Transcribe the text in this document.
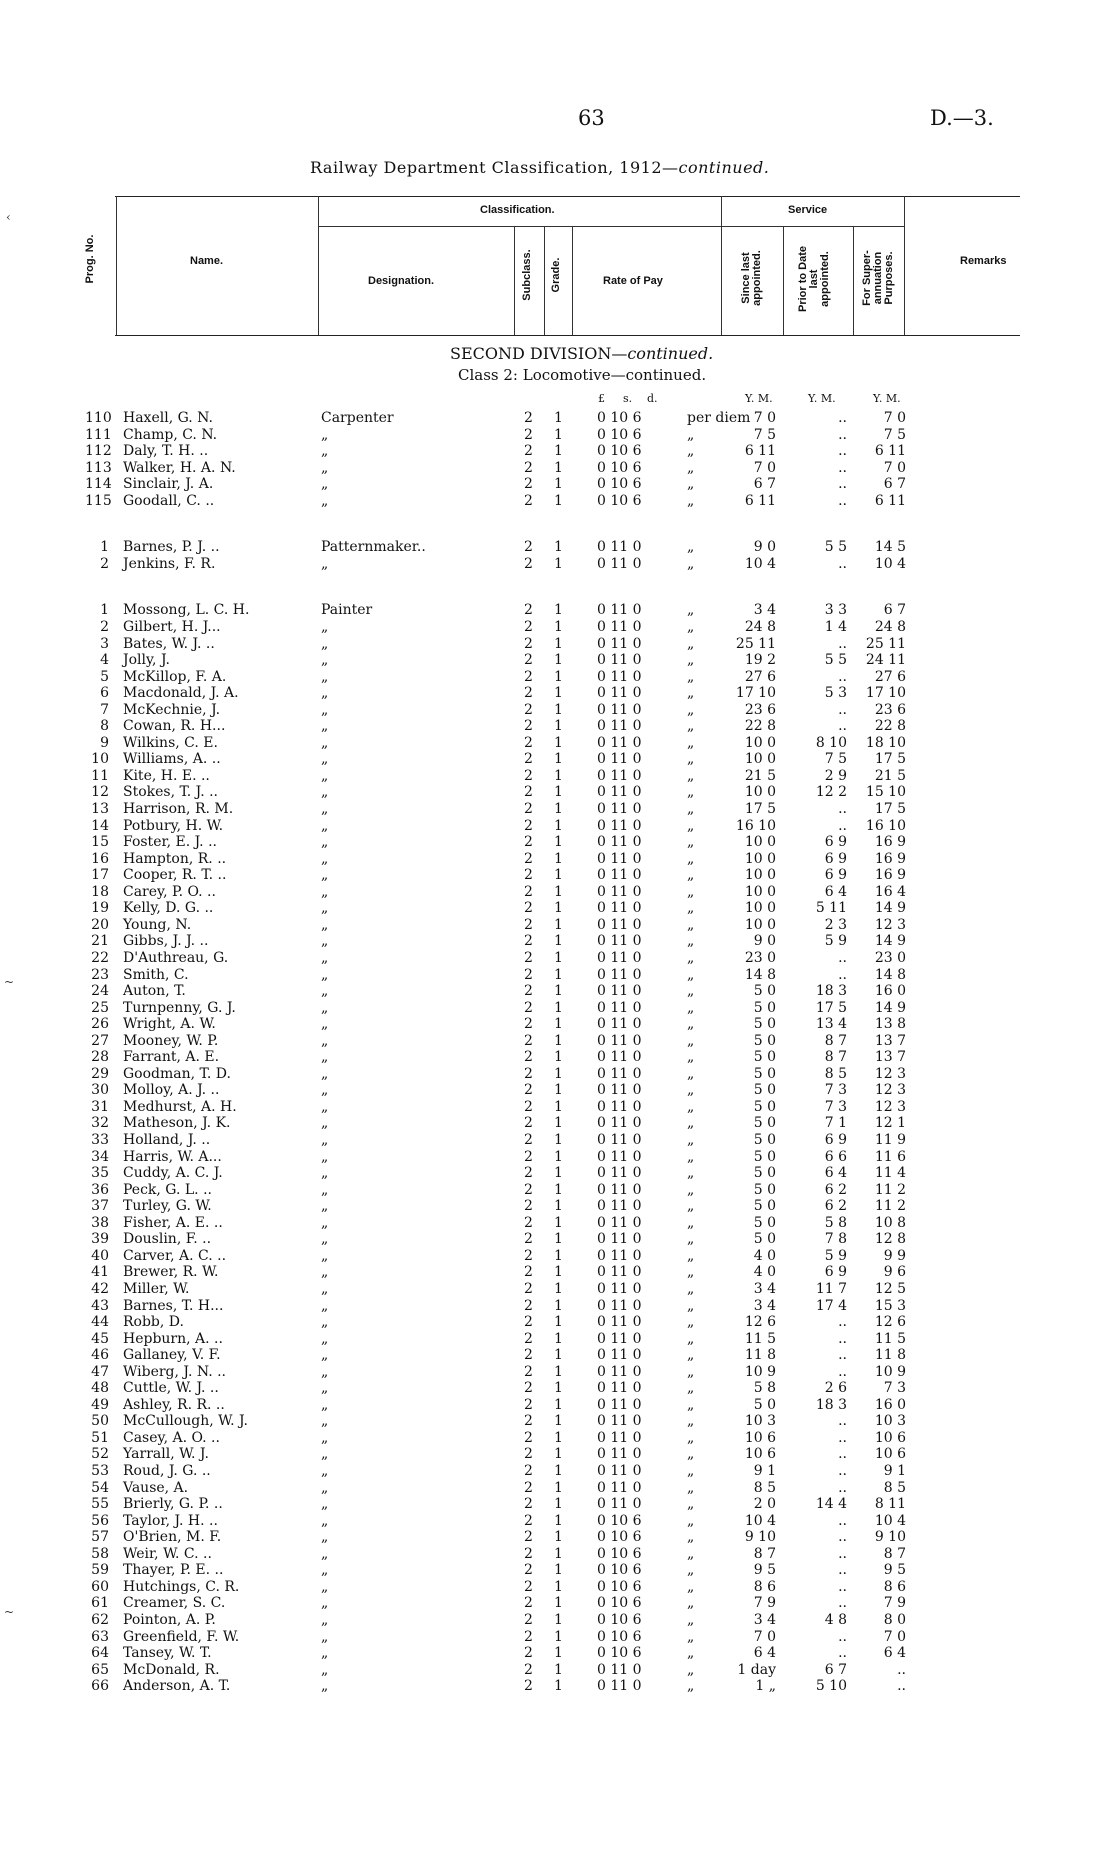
63	D.—3.
Railway Department Classification, 1912—continued.
Prog. No.	Name.
Classification.	Service
Designation.	Subclass. Grade.	Rate of Pay	Since last
appointed.	Prior to Date
last
appointed.	For Super-
annuation
Purposes.	Remarks
SECOND DIVISION—continued.
Class 2: Locomotive—continued.
£ s. d.	Y. M.	Y. M.	Y. M.
110 Haxell, G. N.	Carpenter	2 1 0 10 6	per diem 7 0	..	7 0
111 Champ, C. N.	„	2 1 0 10 6	„	7 5	..	7 5
112 Daly, T. H. ..	„	2 1 0 10 6	„	6 11	..	6 11
113 Walker, H. A. N.	„	2 1 0 10 6	„	7 0	..	7 0
114 Sinclair, J. A.	„	2 1 0 10 6	„	6 7	..	6 7
115 Goodall, C. ..	„	2 1 0 10 6	„	6 11	..	6 11
1 Barnes, P. J. ..	Patternmaker..	2 1 0 11 0	„	9 0	5 5	14 5
2 Jenkins, F. R.	„	2 1 0 11 0	„	10 4	..	10 4
1 Mossong, L. C. H.	Painter	2 1 0 11 0	„	3 4	3 3	6 7
2 Gilbert, H. J...	„	2 1 0 11 0	„	24 8	1 4	24 8
3 Bates, W. J. ..	„	2 1 0 11 0	„	25 11	..	25 11
4 Jolly, J.	„	2 1 0 11 0	„	19 2	5 5	24 11
5 McKillop, F. A.	„	2 1 0 11 0	„	27 6	..	27 6
6 Macdonald, J. A.	„	2 1 0 11 0	„	17 10	5 3	17 10
7 McKechnie, J.	„	2 1 0 11 0	„	23 6	..	23 6
8 Cowan, R. H...	„	2 1 0 11 0	„	22 8	..	22 8
9 Wilkins, C. E.	„	2 1 0 11 0	„	10 0	8 10	18 10
10 Williams, A. ..	„	2 1 0 11 0	„	10 0	7 5	17 5
11 Kite, H. E. ..	„	2 1 0 11 0	„	21 5	2 9	21 5
12 Stokes, T. J. ..	„	2 1 0 11 0	„	10 0	12 2	15 10
13 Harrison, R. M.	„	2 1 0 11 0	„	17 5	..	17 5
14 Potbury, H. W.	„	2 1 0 11 0	„	16 10	..	16 10
15 Foster, E. J. ..	„	2 1 0 11 0	„	10 0	6 9	16 9
16 Hampton, R. ..	„	2 1 0 11 0	„	10 0	6 9	16 9
17 Cooper, R. T. ..	„	2 1 0 11 0	„	10 0	6 9	16 9
18 Carey, P. O. ..	„	2 1 0 11 0	„	10 0	6 4	16 4
19 Kelly, D. G. ..	„	2 1 0 11 0	„	10 0	5 11	14 9
20 Young, N.	„	2 1 0 11 0	„	10 0	2 3	12 3
21 Gibbs, J. J. ..	„	2 1 0 11 0	„	9 0	5 9	14 9
22 D'Authreau, G.	„	2 1 0 11 0	„	23 0	..	23 0
23 Smith, C.	„	2 1 0 11 0	„	14 8	..	14 8
24 Auton, T.	„	2 1 0 11 0	„	5 0	18 3	16 0
25 Turnpenny, G. J.	„	2 1 0 11 0	„	5 0	17 5	14 9
26 Wright, A. W.	„	2 1 0 11 0	„	5 0	13 4	13 8
27 Mooney, W. P.	„	2 1 0 11 0	„	5 0	8 7	13 7
28 Farrant, A. E.	„	2 1 0 11 0	„	5 0	8 7	13 7
29 Goodman, T. D.	„	2 1 0 11 0	„	5 0	8 5	12 3
30 Molloy, A. J. ..	„	2 1 0 11 0	„	5 0	7 3	12 3
31 Medhurst, A. H.	„	2 1 0 11 0	„	5 0	7 3	12 3
32 Matheson, J. K.	„	2 1 0 11 0	„	5 0	7 1	12 1
33 Holland, J. ..	„	2 1 0 11 0	„	5 0	6 9	11 9
34 Harris, W. A...	„	2 1 0 11 0	„	5 0	6 6	11 6
35 Cuddy, A. C. J.	„	2 1 0 11 0	„	5 0	6 4	11 4
36 Peck, G. L. ..	„	2 1 0 11 0	„	5 0	6 2	11 2
37 Turley, G. W.	„	2 1 0 11 0	„	5 0	6 2	11 2
38 Fisher, A. E. ..	„	2 1 0 11 0	„	5 0	5 8	10 8
39 Douslin, F. ..	„	2 1 0 11 0	„	5 0	7 8	12 8
40 Carver, A. C. ..	„	2 1 0 11 0	„	4 0	5 9	9 9
41 Brewer, R. W.	„	2 1 0 11 0	„	4 0	6 9	9 6
42 Miller, W.	„	2 1 0 11 0	„	3 4	11 7	12 5
43 Barnes, T. H...	„	2 1 0 11 0	„	3 4	17 4	15 3
44 Robb, D.	„	2 1 0 11 0	„	12 6	..	12 6
45 Hepburn, A. ..	„	2 1 0 11 0	„	11 5	..	11 5
46 Gallaney, V. F.	„	2 1 0 11 0	„	11 8	..	11 8
47 Wiberg, J. N. ..	„	2 1 0 11 0	„	10 9	..	10 9
48 Cuttle, W. J. ..	„	2 1 0 11 0	„	5 8	2 6	7 3
49 Ashley, R. R. ..	„	2 1 0 11 0	„	5 0	18 3	16 0
50 McCullough, W. J.	„	2 1 0 11 0	„	10 3	..	10 3
51 Casey, A. O. ..	„	2 1 0 11 0	„	10 6	..	10 6
52 Yarrall, W. J.	„	2 1 0 11 0	„	10 6	..	10 6
53 Roud, J. G. ..	„	2 1 0 11 0	„	9 1	..	9 1
54 Vause, A.	„	2 1 0 11 0	„	8 5	..	8 5
55 Brierly, G. P. ..	„	2 1 0 11 0	„	2 0	14 4	8 11
56 Taylor, J. H. ..	„	2 1 0 10 6	„	10 4	..	10 4
57 O'Brien, M. F.	„	2 1 0 10 6	„	9 10	..	9 10
58 Weir, W. C. ..	„	2 1 0 10 6	„	8 7	..	8 7
59 Thayer, P. E. ..	„	2 1 0 10 6	„	9 5	..	9 5
60 Hutchings, C. R.	„	2 1 0 10 6	„	8 6	..	8 6
61 Creamer, S. C.	„	2 1 0 10 6	„	7 9	..	7 9
62 Pointon, A. P.	„	2 1 0 10 6	„	3 4	4 8	8 0
63 Greenfield, F. W.	„	2 1 0 10 6	„	7 0	..	7 0
64 Tansey, W. T.	„	2 1 0 10 6	„	6 4	..	6 4
65 McDonald, R.	„	2 1 0 11 0	„	1 day	6 7	..
66 Anderson, A. T.	„	2 1 0 11 0	„	1 „	5 10	..
‹
~
~
